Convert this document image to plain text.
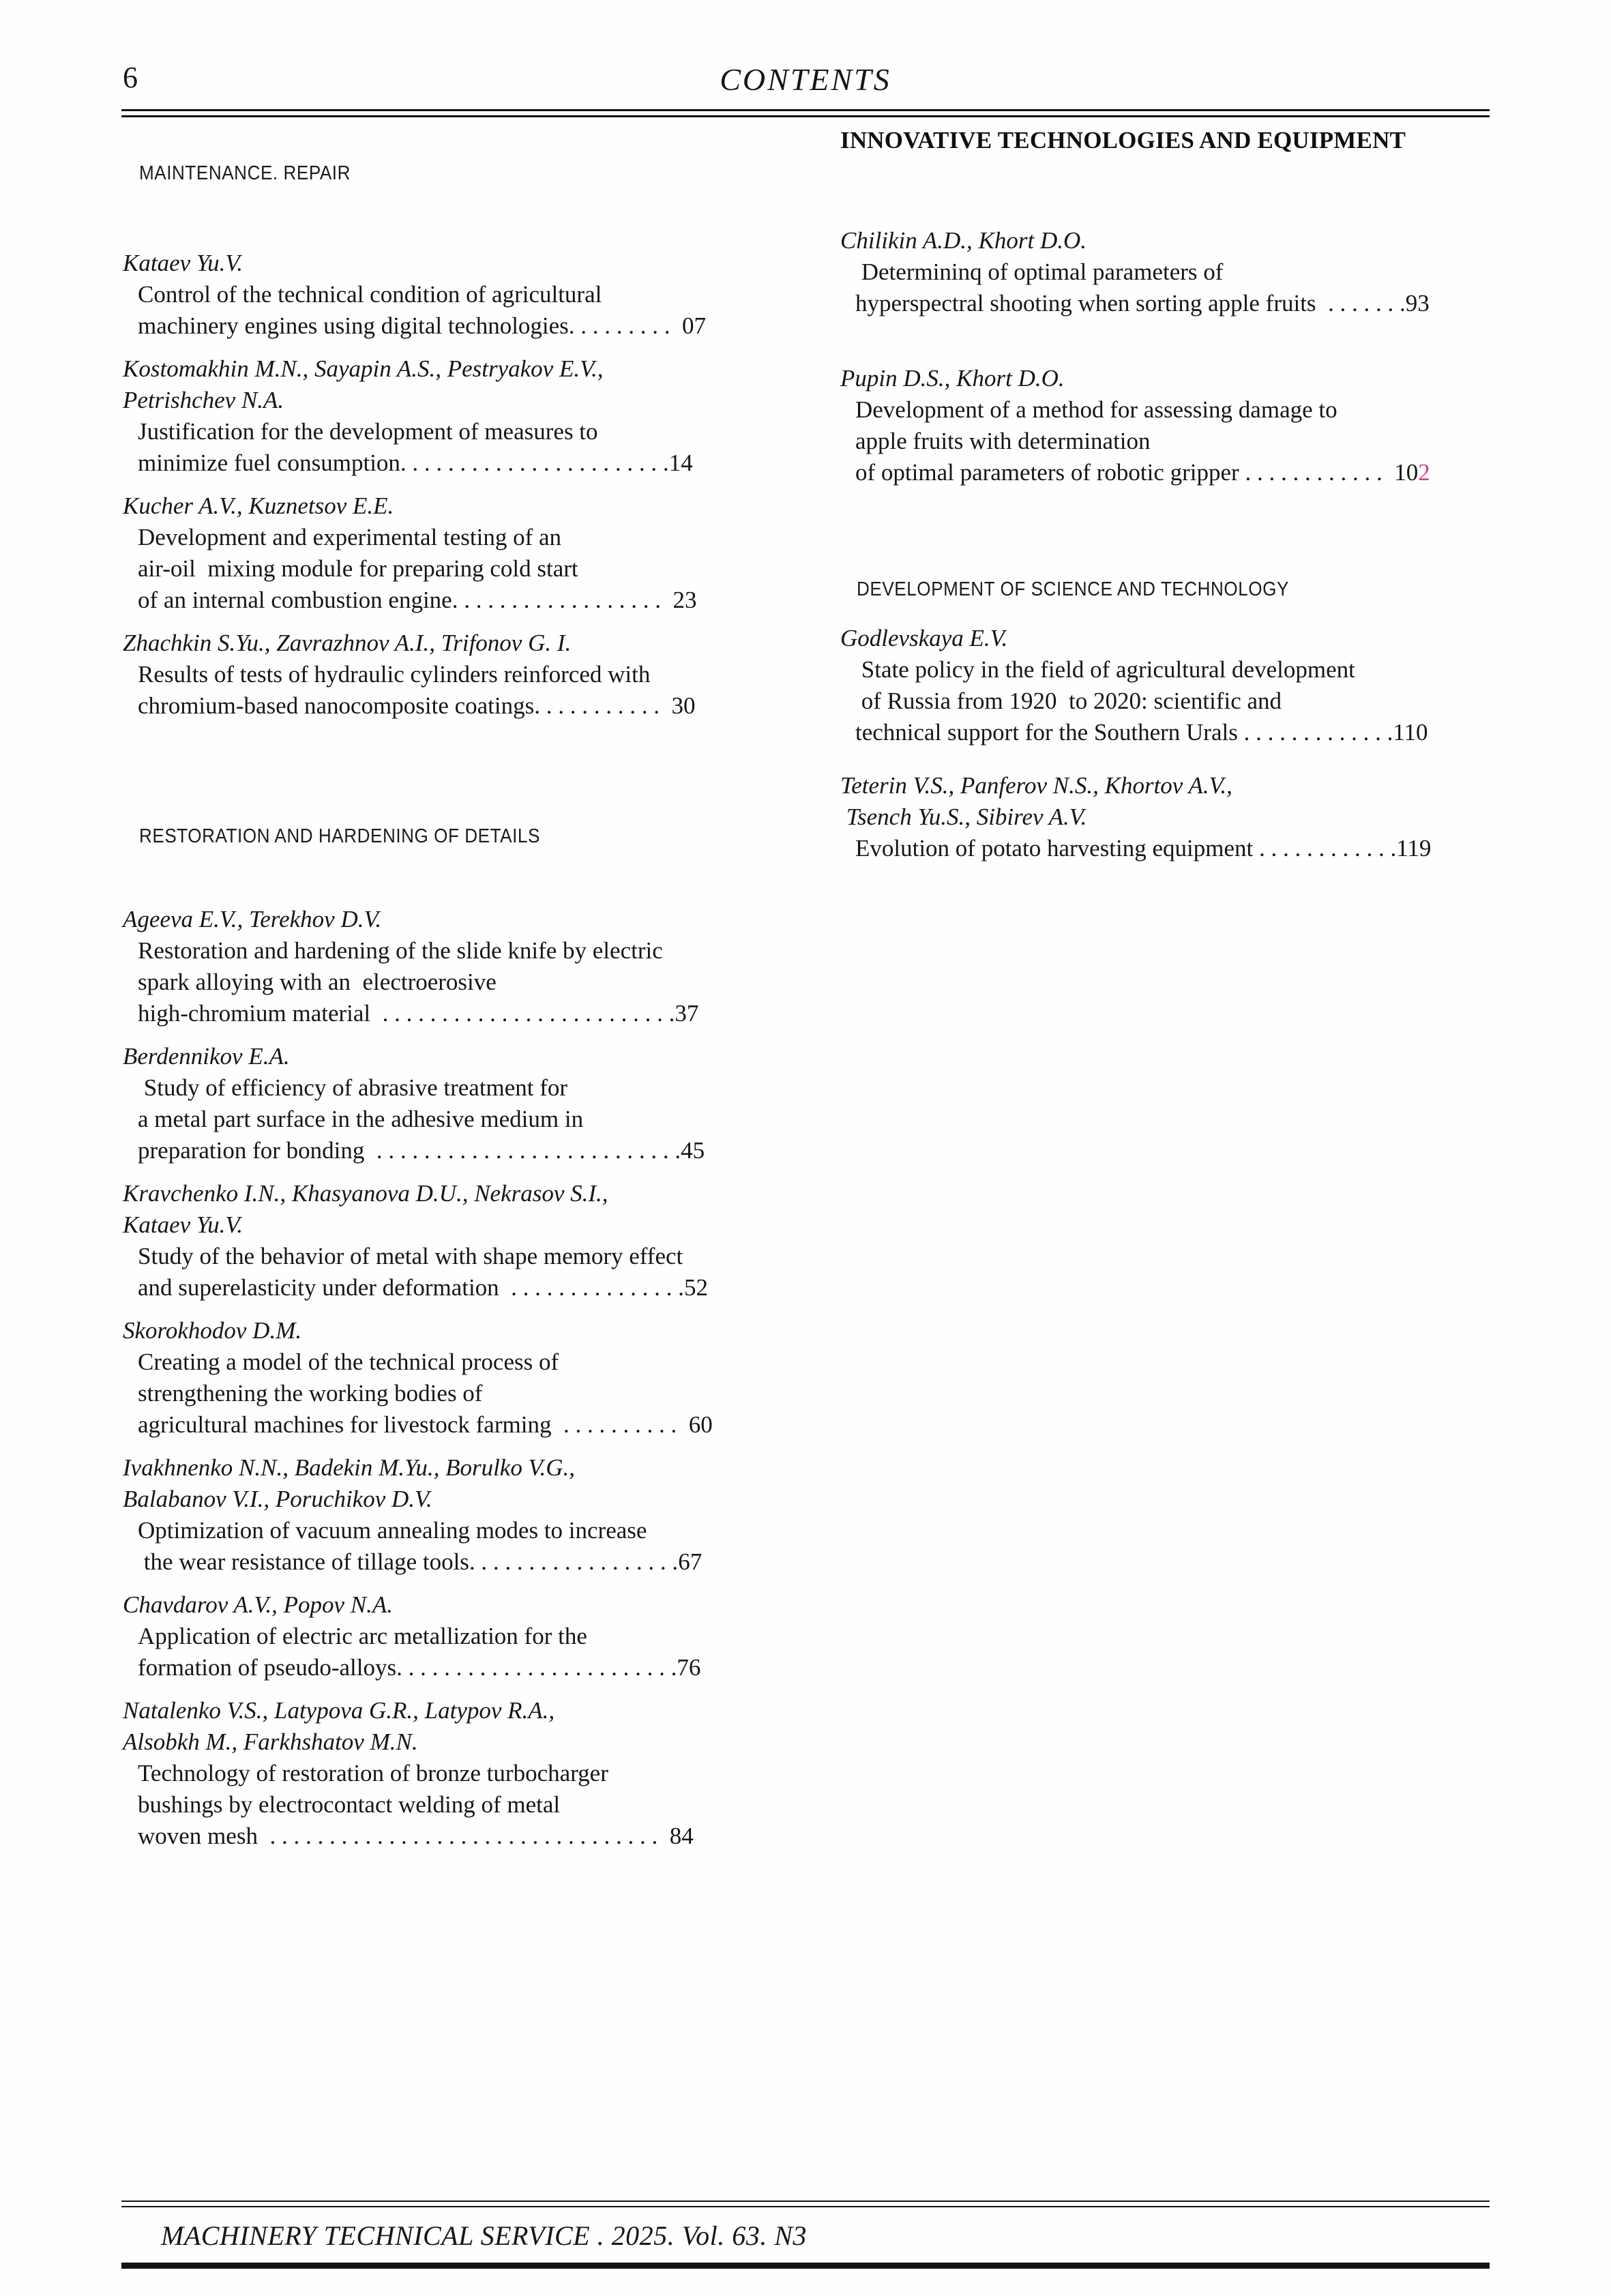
6	CONTENTS
MAINTENANCE. REPAIR
Kataev Yu.V.
Control of the technical condition of agricultural
machinery engines using digital technologies. . . . . . . . .  07
Kostomakhin M.N., Sayapin A.S., Pestryakov E.V.,
Petrishchev N.A.
Justification for the development of measures to
minimize fuel consumption. . . . . . . . . . . . . . . . . . . . . . .14
Kucher A.V., Kuznetsov E.E.
Development and experimental testing of an
air-oil  mixing module for preparing cold start
of an internal combustion engine. . . . . . . . . . . . . . . . . .  23
Zhachkin S.Yu., Zavrazhnov A.I., Trifonov G. I.
Results of tests of hydraulic cylinders reinforced with
chromium-based nanocomposite coatings. . . . . . . . . . .  30
RESTORATION AND HARDENING OF DETAILS
Ageeva E.V., Terekhov D.V.
Restoration and hardening of the slide knife by electric
spark alloying with an  electroerosive
high-chromium material  . . . . . . . . . . . . . . . . . . . . . . . . .37
Berdennikov E.A.
Study of efficiency of abrasive treatment for
a metal part surface in the adhesive medium in
preparation for bonding  . . . . . . . . . . . . . . . . . . . . . . . . . .45
Kravchenko I.N., Khasyanova D.U., Nekrasov S.I.,
Kataev Yu.V.
Study of the behavior of metal with shape memory effect
and superelasticity under deformation  . . . . . . . . . . . . . . .52
Skorokhodov D.M.
Creating a model of the technical process of
strengthening the working bodies of
agricultural machines for livestock farming  . . . . . . . . . .  60
Ivakhnenko N.N., Badekin M.Yu., Borulko V.G.,
Balabanov V.I., Poruchikov D.V.
Optimization of vacuum annealing modes to increase
the wear resistance of tillage tools. . . . . . . . . . . . . . . . . .67
Chavdarov A.V., Popov N.A.
Application of electric arc metallization for the
formation of pseudo-alloys. . . . . . . . . . . . . . . . . . . . . . . .76
Natalenko V.S., Latypova G.R., Latypov R.A.,
Alsobkh M., Farkhshatov M.N.
Technology of restoration of bronze turbocharger
bushings by electrocontact welding of metal
woven mesh  . . . . . . . . . . . . . . . . . . . . . . . . . . . . . . . . .  84
INNOVATIVE TECHNOLOGIES AND EQUIPMENT
Chilikin A.D., Khort D.O.
Determininq of optimal parameters of
hyperspectral shooting when sorting apple fruits  . . . . . . .93
Pupin D.S., Khort D.O.
Development of a method for assessing damage to
apple fruits with determination
of optimal parameters of robotic gripper . . . . . . . . . . . .  102
DEVELOPMENT OF SCIENCE AND TECHNOLOGY
Godlevskaya E.V.
State policy in the field of agricultural development
of Russia from 1920  to 2020: scientific and
technical support for the Southern Urals . . . . . . . . . . . . .110
Teterin V.S., Panferov N.S., Khortov A.V.,
Tsench Yu.S., Sibirev A.V.
Evolution of potato harvesting equipment . . . . . . . . . . . .119
MACHINERY TECHNICAL SERVICE . 2025. Vol. 63. N3
